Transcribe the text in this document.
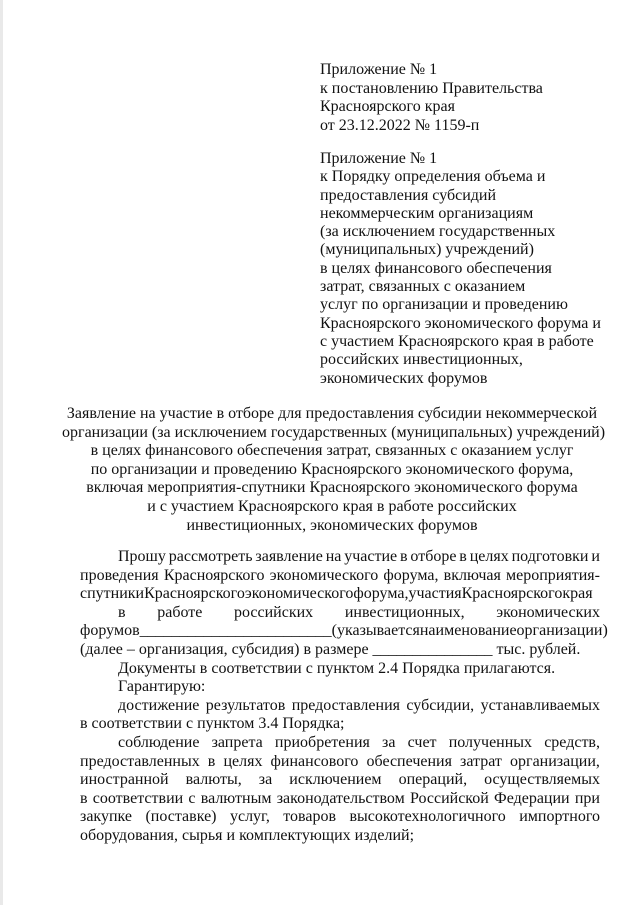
Приложение № 1
к постановлению Правительства
Красноярского края
от 23.12.2022 № 1159-п
Приложение № 1
к Порядку определения объема и
предоставления субсидий
некоммерческим организациям
(за исключением государственных
(муниципальных) учреждений)
в целях финансового обеспечения
затрат, связанных с оказанием
услуг по организации и проведению
Красноярского экономического форума и
с участием Красноярского края в работе
российских инвестиционных,
экономических форумов
Заявление на участие в отборе для предоставления субсидии некоммерческой
организации (за исключением государственных (муниципальных) учреждений)
в целях финансового обеспечения затрат, связанных с оказанием услуг
по организации и проведению Красноярского экономического форума,
включая мероприятия-спутники Красноярского экономического форума
и с участием Красноярского края в работе российских
инвестиционных, экономических форумов
Прошу рассмотреть заявление на участие в отборе в целях подготовки и
проведения Красноярского экономического форума, включая мероприятия-
спутники Красноярского экономического форума, участия Красноярского края
в работе российских инвестиционных, экономических
форумов________________________ (указывается наименование организации)
(далее – организация, субсидия) в размере _______________ тыс. рублей.
Документы в соответствии с пунктом 2.4 Порядка прилагаются.
Гарантирую:
достижение результатов предоставления субсидии, устанавливаемых
в соответствии с пунктом 3.4 Порядка;
соблюдение запрета приобретения за счет полученных средств,
предоставленных в целях финансового обеспечения затрат организации,
иностранной валюты, за исключением операций, осуществляемых
в соответствии с валютным законодательством Российской Федерации при
закупке (поставке) услуг, товаров высокотехнологичного импортного
оборудования, сырья и комплектующих изделий;
